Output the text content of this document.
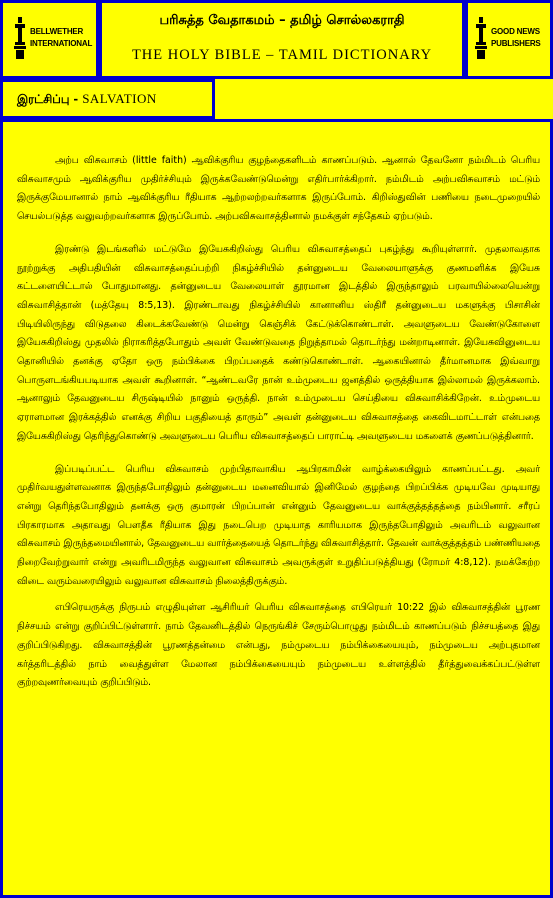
BELLWETHER
INTERNATIONAL
பரிசுத்த வேதாகமம் – தமிழ் சொல்லகராதி
THE HOLY BIBLE – TAMIL DICTIONARY
GOOD NEWS
PUBLISHERS
இரட்சிப்பு - SALVATION

அற்ப விசுவாசம் (little faith) ஆவிக்குரிய குழந்தைகளிடம் காணப்படும். ஆனால் தேவனோ நம்மிடம் பெரிய விசுவாசமும் ஆவிக்குரிய முதிர்ச்சியும் இருக்கவேண்டுமென்று எதிர்பார்க்கிறார். நம்மிடம் அற்பவிசுவாசம் மட்டும் இருக்குமேயானால் நாம் ஆவிக்குரிய ரீதியாக ஆற்றலற்றவர்களாக இருப்போம். கிறிஸ்துவின் பணியை நடைமுறையில் செயல்படுத்த வலுவற்றவர்களாக இருப்போம். அற்பவிசுவாசத்தினால் நமக்குள் சந்தேகம் ஏற்படும்.

இரண்டு இடங்களில் மட்டுமே இயேசுகிறிஸ்து பெரிய விசுவாசத்தைப் புகழ்ந்து கூறியுள்ளார். முதலாவதாக நூற்றுக்கு அதிபதியின் விசுவாசத்தைப்பற்றி நிகழ்ச்சியில் தன்னுடைய வேலையாளுக்கு குணமளிக்க இயேசு கட்டளையிட்டால் போதுமானது. தன்னுடைய வேலையாள் தூரமான இடத்தில் இருந்தாலும் பரவாயில்லையென்று விசுவாசித்தான் (மத்தேயு 8:5,13). இரண்டாவது நிகழ்ச்சியில் கானானிய ஸ்திரீ தன்னுடைய மகளுக்கு பிசாசின் பிடியிலிருந்து விடுதலை கிடைக்கவேண்டு மென்று கெஞ்சிக் கேட்டுக்கொண்டாள். அவளுடைய வேண்டுகோளை இயேசுகிறிஸ்து முதலில் நிராகரித்தபோதும் அவள் வேண்டுவதை நிறுத்தாமல் தொடர்ந்து மன்றாடினாள். இயேசுவினுடைய தொனியில் தனக்கு ஏதோ ஒரு நம்பிக்கை பிறப்பதைக் கண்டுகொண்டாள். ஆகையினால் தீர்மானமாக இவ்வாறு பொருளடங்கியபடியாக அவள் கூறினாள். “ஆண்டவரே நான் உம்முடைய ஜனத்தில் ஒருத்தியாக இல்லாமல் இருக்கலாம். ஆனாலும் தேவனுடைய சிருஷ்டியில் நானும் ஒருத்தி. நான் உம்முடைய செய்தியை விசுவாசிக்கிறேன். உம்முடைய ஏராளமான இரக்கத்தில் எனக்கு சிறிய பகுதியைத் தாரும்” அவள் தன்னுடைய விசுவாசத்தை கைவிடமாட்டாள் என்பதை இயேசுகிறிஸ்து தெரிந்துகொண்டு அவளுடைய பெரிய விசுவாசத்தைப் பாராட்டி அவளுடைய மகளைக் குணப்படுத்தினார்.

இப்படிப்பட்ட பெரிய விசுவாசம் முற்பிதாவாகிய ஆபிரகாமின் வாழ்க்கையிலும் காணப்பட்டது. அவர் முதிர்வயதுள்ளவனாக இருந்தபோதிலும் தன்னுடைய மனைவியால் இனிமேல் குழந்தை பிறப்பிக்க முடியவே முடியாது என்று தெரிந்தபோதிலும் தனக்கு ஒரு குமாரன் பிறப்பான் என்னும் தேவனுடைய வாக்குத்தத்தத்தை நம்பினார். சரீரப் பிரகாரமாக அதாவது பௌதீக ரீதியாக இது நடைபெற முடியாத காரியமாக இருந்தபோதிலும் அவரிடம் வலுவான விசுவாசம் இருந்தமையினால், தேவனுடைய வார்த்தையைத் தொடர்ந்து விசுவாசித்தார். தேவன் வாக்குத்தத்தம் பண்ணியதை நிறைவேற்றுவார் என்று அவரிடமிருந்த வலுவான விசுவாசம் அவருக்குள் உறுதிப்படுத்தியது (ரோமர் 4:8,12). நமக்கேற்ற விடை வரும்வரையிலும் வலுவான விசுவாசம் நிலைத்திருக்கும்.

எபிரெயருக்கு நிருபம் எழுதியுள்ள ஆசிரியர் பெரிய விசுவாசத்தை எபிரெயர் 10:22 இல் விசுவாசத்தின் பூரண நிச்சயம் என்று குறிப்பிட்டுள்ளார். நாம் தேவனிடத்தில் நெருங்கிச் சேரும்பொழுது நம்மிடம் காணப்படும் நிச்சயத்தை இது குறிப்பிடுகிறது. விசுவாசத்தின் பூரணத்தன்மை என்பது, நம்முடைய நம்பிக்கையையும், நம்முடைய அற்புதமான கர்த்தரிடத்தில் நாம் வைத்துள்ள மேலான நம்பிக்கையையும் நம்முடைய உள்ளத்தில் தீர்த்துவைக்கப்பட்டுள்ள குற்றவுணர்வையும் குறிப்பிடும்.
